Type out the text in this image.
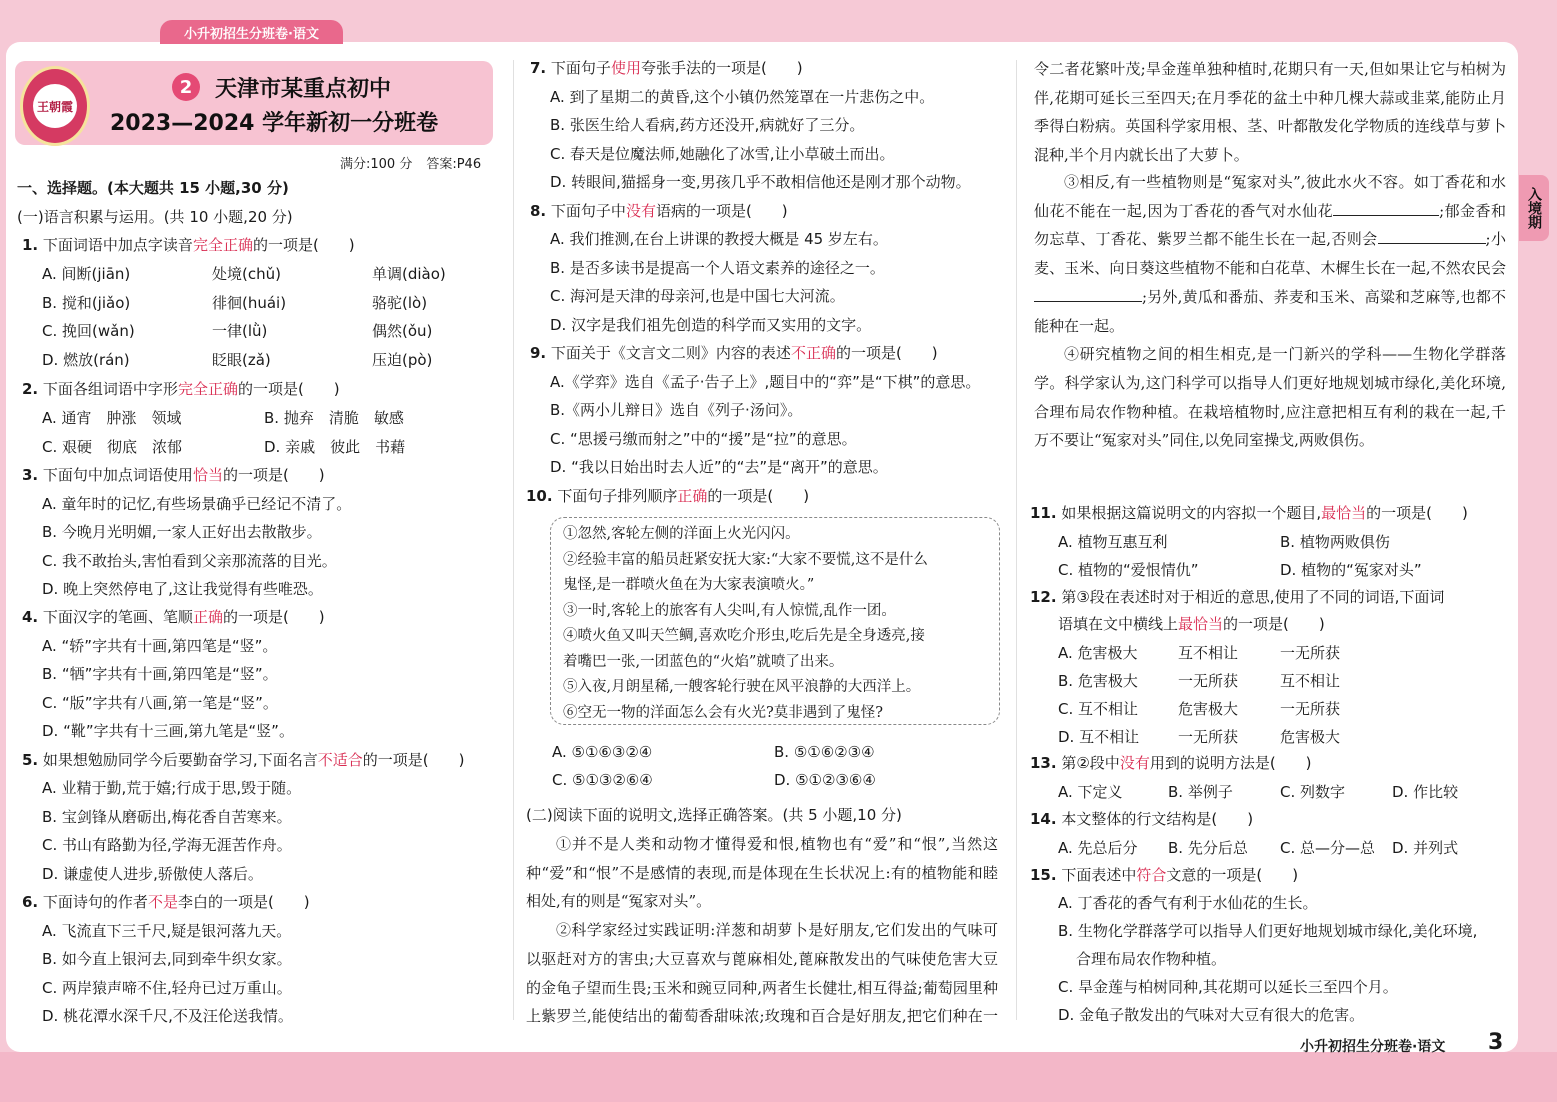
小升初招生分班卷·语文
入境期
王朝霞
2	天津市某重点初中
2023—2024 学年新初一分班卷
满分:100 分 答案:P46
一、选择题。(本大题共 15 小题,30 分)
(一)语言积累与运用。(共 10 小题,20 分)
1. 下面词语中加点字读音完全正确的一项是(　　)
A. 间断(jiān)	处境(chǔ)	单调(diào)
B. 搅和(jiǎo)	徘徊(huái)	骆驼(lò)
C. 挽回(wǎn)	一律(lǜ)	偶然(ǒu)
D. 燃放(rán)	眨眼(zǎ)	压迫(pò)
2. 下面各组词语中字形完全正确的一项是(　　)
A. 通宵　肿涨　领域	B. 抛弃　清脆　敏感
C. 艰硬　彻底　浓郁	D. 亲戚　彼此　书藉
3. 下面句中加点词语使用恰当的一项是(　　)
A. 童年时的记忆,有些场景确乎已经记不清了。
B. 今晚月光明媚,一家人正好出去散散步。
C. 我不敢抬头,害怕看到父亲那流落的目光。
D. 晚上突然停电了,这让我觉得有些唯恐。
4. 下面汉字的笔画、笔顺正确的一项是(　　)
A. “轿”字共有十画,第四笔是“竖”。
B. “牺”字共有十画,第四笔是“竖”。
C. “版”字共有八画,第一笔是“竖”。
D. “靴”字共有十三画,第九笔是“竖”。
5. 如果想勉励同学今后要勤奋学习,下面名言不适合的一项是(　　)
A. 业精于勤,荒于嬉;行成于思,毁于随。
B. 宝剑锋从磨砺出,梅花香自苦寒来。
C. 书山有路勤为径,学海无涯苦作舟。
D. 谦虚使人进步,骄傲使人落后。
6. 下面诗句的作者不是李白的一项是(　　)
A. 飞流直下三千尺,疑是银河落九天。
B. 如今直上银河去,同到牵牛织女家。
C. 两岸猿声啼不住,轻舟已过万重山。
D. 桃花潭水深千尺,不及汪伦送我情。
7. 下面句子使用夸张手法的一项是(　　)
A. 到了星期二的黄昏,这个小镇仍然笼罩在一片悲伤之中。
B. 张医生给人看病,药方还没开,病就好了三分。
C. 春天是位魔法师,她融化了冰雪,让小草破土而出。
D. 转眼间,猫摇身一变,男孩几乎不敢相信他还是刚才那个动物。
8. 下面句子中没有语病的一项是(　　)
A. 我们推测,在台上讲课的教授大概是 45 岁左右。
B. 是否多读书是提高一个人语文素养的途径之一。
C. 海河是天津的母亲河,也是中国七大河流。
D. 汉字是我们祖先创造的科学而又实用的文字。
9. 下面关于《文言文二则》内容的表述不正确的一项是(　　)
A.《学弈》选自《孟子·告子上》,题目中的“弈”是“下棋”的意思。
B.《两小儿辩日》选自《列子·汤问》。
C. “思援弓缴而射之”中的“援”是“拉”的意思。
D. “我以日始出时去人近”的“去”是“离开”的意思。
10. 下面句子排列顺序正确的一项是(　　)
①忽然,客轮左侧的洋面上火光闪闪。
②经验丰富的船员赶紧安抚大家:“大家不要慌,这不是什么
鬼怪,是一群喷火鱼在为大家表演喷火。”
③一时,客轮上的旅客有人尖叫,有人惊慌,乱作一团。
④喷火鱼又叫天竺鲷,喜欢吃介形虫,吃后先是全身透亮,接
着嘴巴一张,一团蓝色的“火焰”就喷了出来。
⑤入夜,月朗星稀,一艘客轮行驶在风平浪静的大西洋上。
⑥空无一物的洋面怎么会有火光?莫非遇到了鬼怪?
A. ⑤①⑥③②④	B. ⑤①⑥②③④
C. ⑤①③②⑥④	D. ⑤①②③⑥④
(二)阅读下面的说明文,选择正确答案。(共 5 小题,10 分)
①并不是人类和动物才懂得爱和恨,植物也有“爱”和“恨”,当然这种“爱”和“恨”不是感情的表现,而是体现在生长状况上:有的植物能和睦相处,有的则是“冤家对头”。
②科学家经过实践证明:洋葱和胡萝卜是好朋友,它们发出的气味可以驱赶对方的害虫;大豆喜欢与蓖麻相处,蓖麻散发出的气味使危害大豆的金龟子望而生畏;玉米和豌豆同种,两者生长健壮,相互得益;葡萄园里种上紫罗兰,能使结出的葡萄香甜味浓;玫瑰和百合是好朋友,把它们种在一
令二者花繁叶茂;旱金莲单独种植时,花期只有一天,但如果让它与柏树为伴,花期可延长三至四天;在月季花的盆土中种几棵大蒜或韭菜,能防止月季得白粉病。英国科学家用根、茎、叶都散发化学物质的连线草与萝卜混种,半个月内就长出了大萝卜。
③相反,有一些植物则是“冤家对头”,彼此水火不容。如丁香花和水仙花不能在一起,因为丁香花的香气对水仙花	;郁金香和勿忘草、丁香花、紫罗兰都不能生长在一起,否则会	;小麦、玉米、向日葵这些植物不能和白花草、木樨生长在一起,不然农民会;另外,黄瓜和番茄、荞麦和玉米、高粱和芝麻等,也都不能种在一起。
④研究植物之间的相生相克,是一门新兴的学科——生物化学群落学。科学家认为,这门科学可以指导人们更好地规划城市绿化,美化环境,合理布局农作物种植。在栽培植物时,应注意把相互有利的栽在一起,千万不要让“冤家对头”同住,以免同室操戈,两败俱伤。
11. 如果根据这篇说明文的内容拟一个题目,最恰当的一项是(　　)
A. 植物互惠互利	B. 植物两败俱伤
C. 植物的“爱恨情仇”	D. 植物的“冤家对头”
12. 第③段在表述时对于相近的意思,使用了不同的词语,下面词
语填在文中横线上最恰当的一项是(　　)
A. 危害极大	互不相让	一无所获
B. 危害极大	一无所获	互不相让
C. 互不相让	危害极大	一无所获
D. 互不相让	一无所获	危害极大
13. 第②段中没有用到的说明方法是(　　)
A. 下定义	B. 举例子	C. 列数字	D. 作比较
14. 本文整体的行文结构是(　　)
A. 先总后分	B. 先分后总	C. 总—分—总	D. 并列式
15. 下面表述中符合文意的一项是(　　)
A. 丁香花的香气有利于水仙花的生长。
B. 生物化学群落学可以指导人们更好地规划城市绿化,美化环境,
合理布局农作物种植。
C. 旱金莲与柏树同种,其花期可以延长三至四个月。
D. 金龟子散发出的气味对大豆有很大的危害。
小升初招生分班卷·语文 3
